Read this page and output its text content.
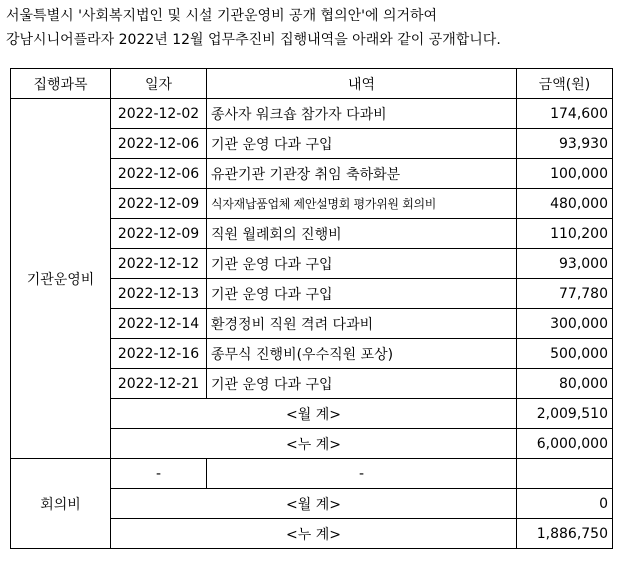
서울특별시 '사회복지법인 및 시설 기관운영비 공개 협의안'에 의거하여

강남시니어플라자 2022년 12월 업무추진비 집행내역을 아래와 같이 공개합니다.

집행과목	일자	내역	금액(원)
기관운영비	2022-12-02	종사자 워크숍 참가자 다과비	174,600
	2022-12-06	기관 운영 다과 구입	93,930
	2022-12-06	유관기관 기관장 취임 축하화분	100,000
	2022-12-09	식자재납품업체 제안설명회 평가위원 회의비	480,000
	2022-12-09	직원 월례회의 진행비	110,200
	2022-12-12	기관 운영 다과 구입	93,000
	2022-12-13	기관 운영 다과 구입	77,780
	2022-12-14	환경정비 직원 격려 다과비	300,000
	2022-12-16	종무식 진행비(우수직원 포상)	500,000
	2022-12-21	기관 운영 다과 구입	80,000
	<월 계>		2,009,510
	<누 계>		6,000,000
회의비	-	-	
	<월 계>		0
	<누 계>		1,886,750
